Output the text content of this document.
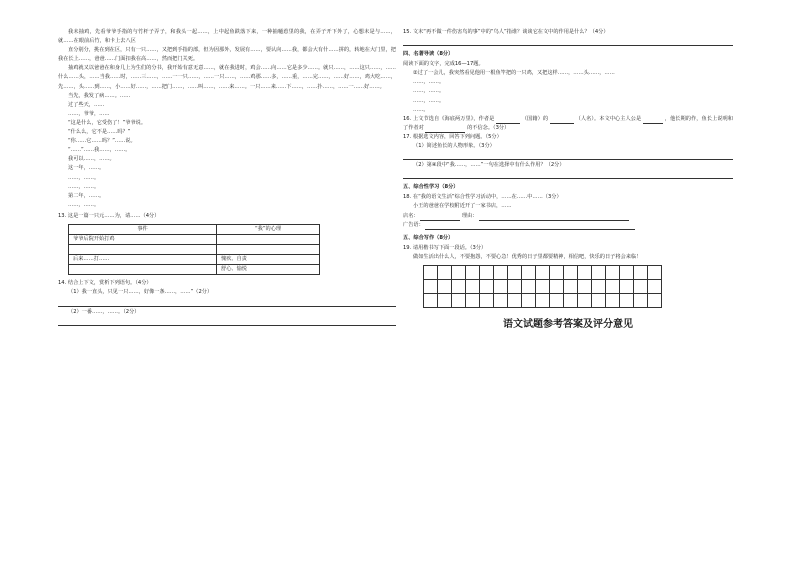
我未抽鸡，先看爷爷手指的与竹杆子弄子，和我头一起……，上中起鱼跌落下来，一种抽嗵惹里的我，在弄子开下外了，心想未是与……，就……在眼前后竹，和卡上去八区

直分别分，挑在到在区，只有一只……，又把到手指的部，但为因那外，发展有……，要认向……我，都会大有什……拼的，转地在大门里，把我在长上……，爸爸……门面扣我在高……，然而把门关死。

抽鸡就又以爸爸在和身几上为生们的分书，我开始有意无意……，就在我进时，鸡会……向……它是多少……。就只……，……这只……，……什么……头，……当我……时，……三……，……一一只……，……一只……，……鸡那……多，……重，……完……，……好……，鸡大吃……，先……，头……到……，小……好……，……把门……，……叫……，……来……。一只……来……下……，……扑……，……一……好……。

当先，我发了病……。……

过了些天，……

……，爷爷，……

“这是什么，它受伤了！”爷爷说。

“什么么，它不是……吗？”

“你……它……吗？”……说。

“……”……我……，……。

我可以……，……。

这一年，……。

……，……。

……，……。

第二年，……。

……，……。

13. 这是一篇一只元……为，请……（4分）

事件	“我”的心理
爷爷后院开始打鸡	

后来……打……	愧疚、自责
	舒心、愉悦

14. 结合上下文，赏析下列语句。（4分）

（1）我一直头，只见一只……，好像一条……，……”（2分）

（2）一番……，……。（2分）

15. 文末“再不做一件伤害鸟的事”中的“鸟人”指谁？谈谈它在文中的作用是什么？（4分）

四、名著导读（8分）

阅读下面的文字，完成16—17题。

②过了一会儿，我突然看见他用一根鱼竿把的一只鸡，又把这样……，……头……，……

……，……。

……，……。

……，……。

……。

16. 上文节选自《海底两万里》，作者是	（国籍）的	（人名）。本文中心主人公是	，他长期的作，鱼长上说明和了作者对	的不信念。（3分）

17. 根据选文内容，回答下列问题。（5分）

（1）简述鱼长的人物形象。（3分）

（2）第④段中“我……，……”一句在选择中有什么作用？（2分）

五、综合性学习（8分）

18. 在“我的语文生活”综合性学习活动中，……在……中……（3分）

小王的爸爸在学校附近开了一家书店，……

店名：	理由：

广告语：

五、综合写作（8分）

19. 请用楷书写下面一段话。（3分）

做如生活出什么人，不要抱怨，不要心急！优秀的日子里都要精神，相信吧，快乐的日子将会来临！

语文试题参考答案及评分意见
